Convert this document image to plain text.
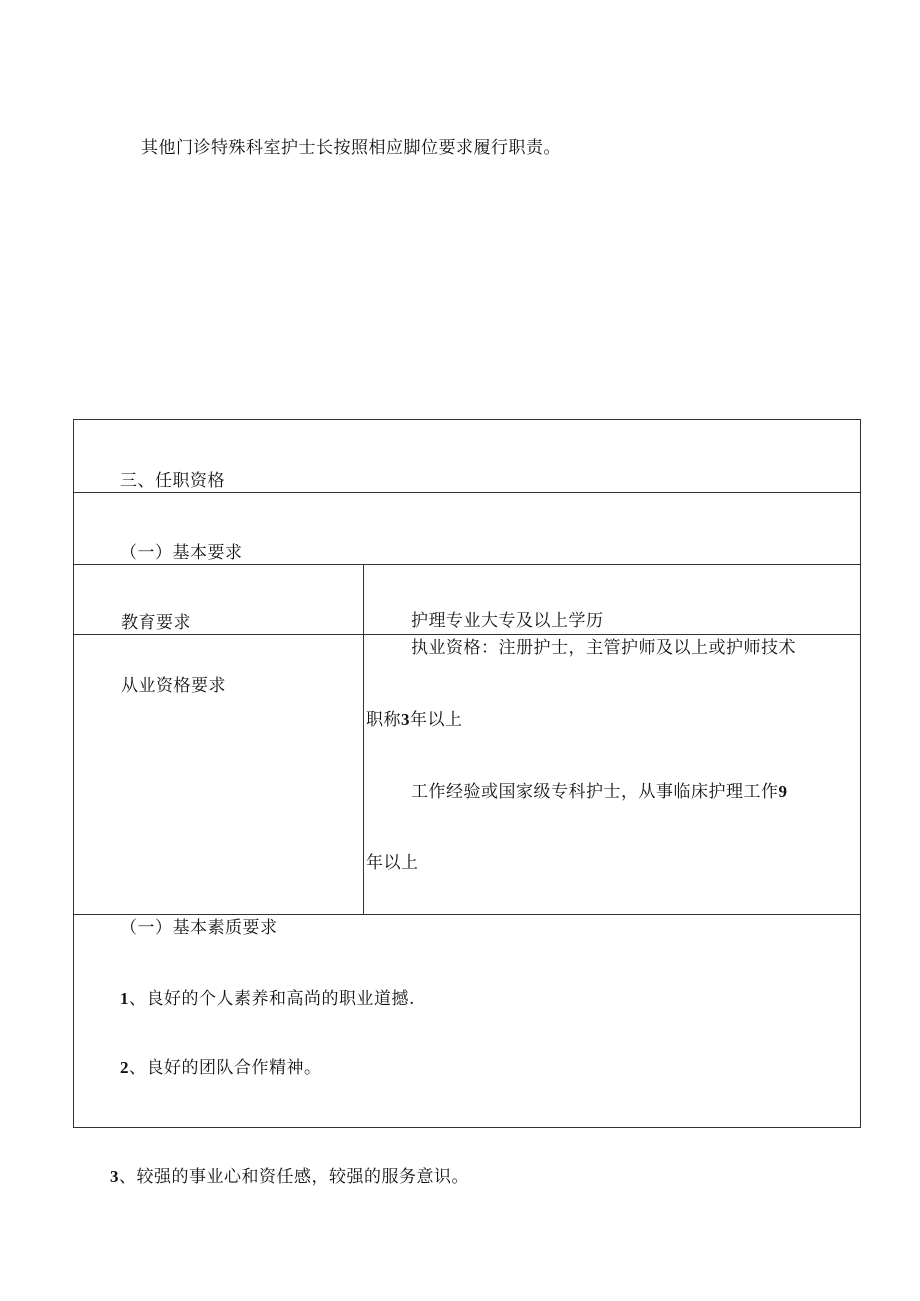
其他门诊特殊科室护士长按照相应脚位要求履行职责。
三、任职资格
（一）基本要求
教育要求	护理专业大专及以上学历
从业资格要求
执业资格：注册护士，主管护师及以上或护师技术
职称3年以上
工作经验或国家级专科护士，从事临床护理工作9
年以上
（一）基本素质要求
1、良好的个人素养和高尚的职业道撼.
2、良好的团队合作精神。
3、较强的事业心和资任感，较强的服务意识。
